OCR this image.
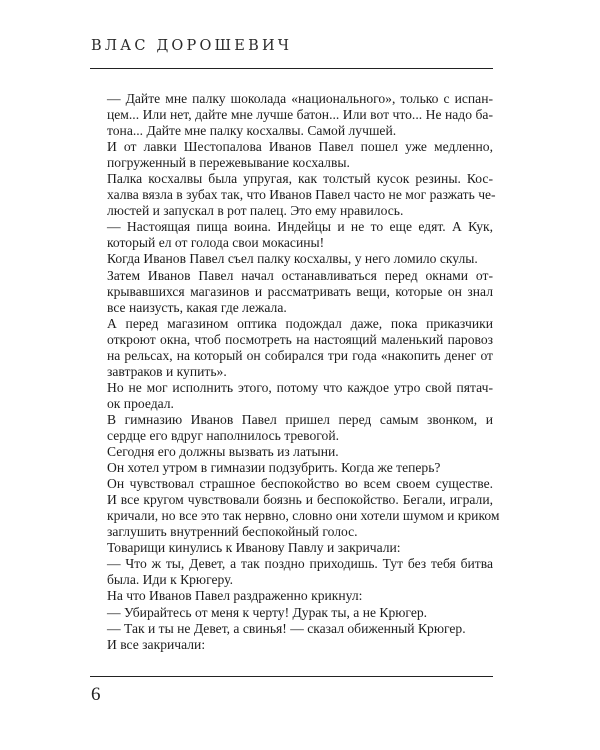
ВЛАС ДОРОШЕВИЧ
— Дайте мне палку шоколада «национального», только с испан-
цем... Или нет, дайте мне лучше батон... Или вот что... Не надо ба-
тона... Дайте мне палку косхалвы. Самой лучшей.
И от лавки Шестопалова Иванов Павел пошел уже медленно,
погруженный в пережевывание косхалвы.
Палка косхалвы была упругая, как толстый кусок резины. Кос-
халва вязла в зубах так, что Иванов Павел часто не мог разжать че-
люстей и запускал в рот палец. Это ему нравилось.
— Настоящая пища воина. Индейцы и не то еще едят. А Кук,
который ел от голода свои мокасины!
Когда Иванов Павел съел палку косхалвы, у него ломило скулы.
Затем Иванов Павел начал останавливаться перед окнами от-
крывавшихся магазинов и рассматривать вещи, которые он знал
все наизусть, какая где лежала.
А перед магазином оптика подождал даже, пока приказчики
откроют окна, чтоб посмотреть на настоящий маленький паровоз
на рельсах, на который он собирался три года «накопить денег от
завтраков и купить».
Но не мог исполнить этого, потому что каждое утро свой пятач-
ок проедал.
В гимназию Иванов Павел пришел перед самым звонком, и
сердце его вдруг наполнилось тревогой.
Сегодня его должны вызвать из латыни.
Он хотел утром в гимназии подзубрить. Когда же теперь?
Он чувствовал страшное беспокойство во всем своем существе.
И все кругом чувствовали боязнь и беспокойство. Бегали, играли,
кричали, но все это так нервно, словно они хотели шумом и криком
заглушить внутренний беспокойный голос.
Товарищи кинулись к Иванову Павлу и закричали:
— Что ж ты, Девет, а так поздно приходишь. Тут без тебя битва
была. Иди к Крюгеру.
На что Иванов Павел раздраженно крикнул:
— Убирайтесь от меня к черту! Дурак ты, а не Крюгер.
— Так и ты не Девет, а свинья! — сказал обиженный Крюгер.
И все закричали:
6
